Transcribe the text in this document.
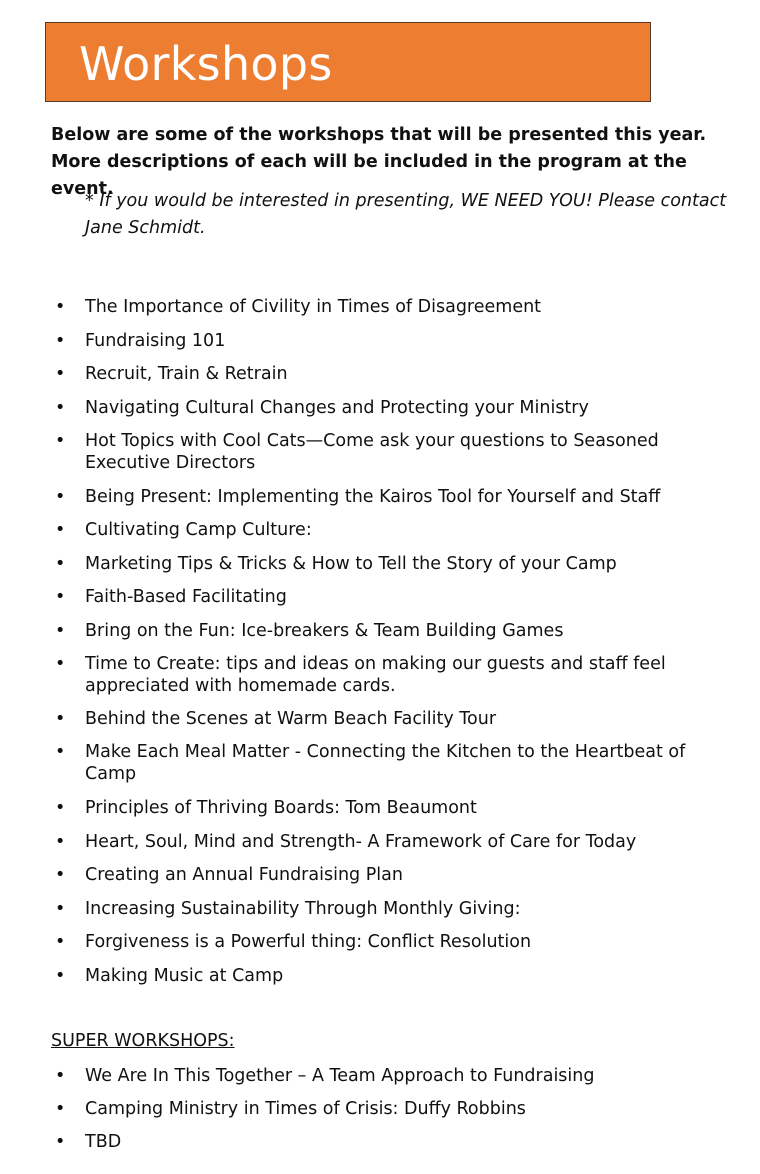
Workshops

Below are some of the workshops that will be presented this year. More descriptions of each will be included in the program at the event.

* If you would be interested in presenting, WE NEED YOU! Please contact Jane Schmidt.

• The Importance of Civility in Times of Disagreement
• Fundraising 101
• Recruit, Train & Retrain
• Navigating Cultural Changes and Protecting your Ministry
• Hot Topics with Cool Cats—Come ask your questions to Seasoned Executive Directors
• Being Present: Implementing the Kairos Tool for Yourself and Staff
• Cultivating Camp Culture:
• Marketing Tips & Tricks & How to Tell the Story of your Camp
• Faith-Based Facilitating
• Bring on the Fun: Ice-breakers & Team Building Games
• Time to Create: tips and ideas on making our guests and staff feel appreciated with homemade cards.
• Behind the Scenes at Warm Beach Facility Tour
• Make Each Meal Matter - Connecting the Kitchen to the Heartbeat of Camp
• Principles of Thriving Boards: Tom Beaumont
• Heart, Soul, Mind and Strength- A Framework of Care for Today
• Creating an Annual Fundraising Plan
• Increasing Sustainability Through Monthly Giving:
• Forgiveness is a Powerful thing: Conflict Resolution
• Making Music at Camp

SUPER WORKSHOPS:

• We Are In This Together – A Team Approach to Fundraising
• Camping Ministry in Times of Crisis: Duffy Robbins
• TBD
